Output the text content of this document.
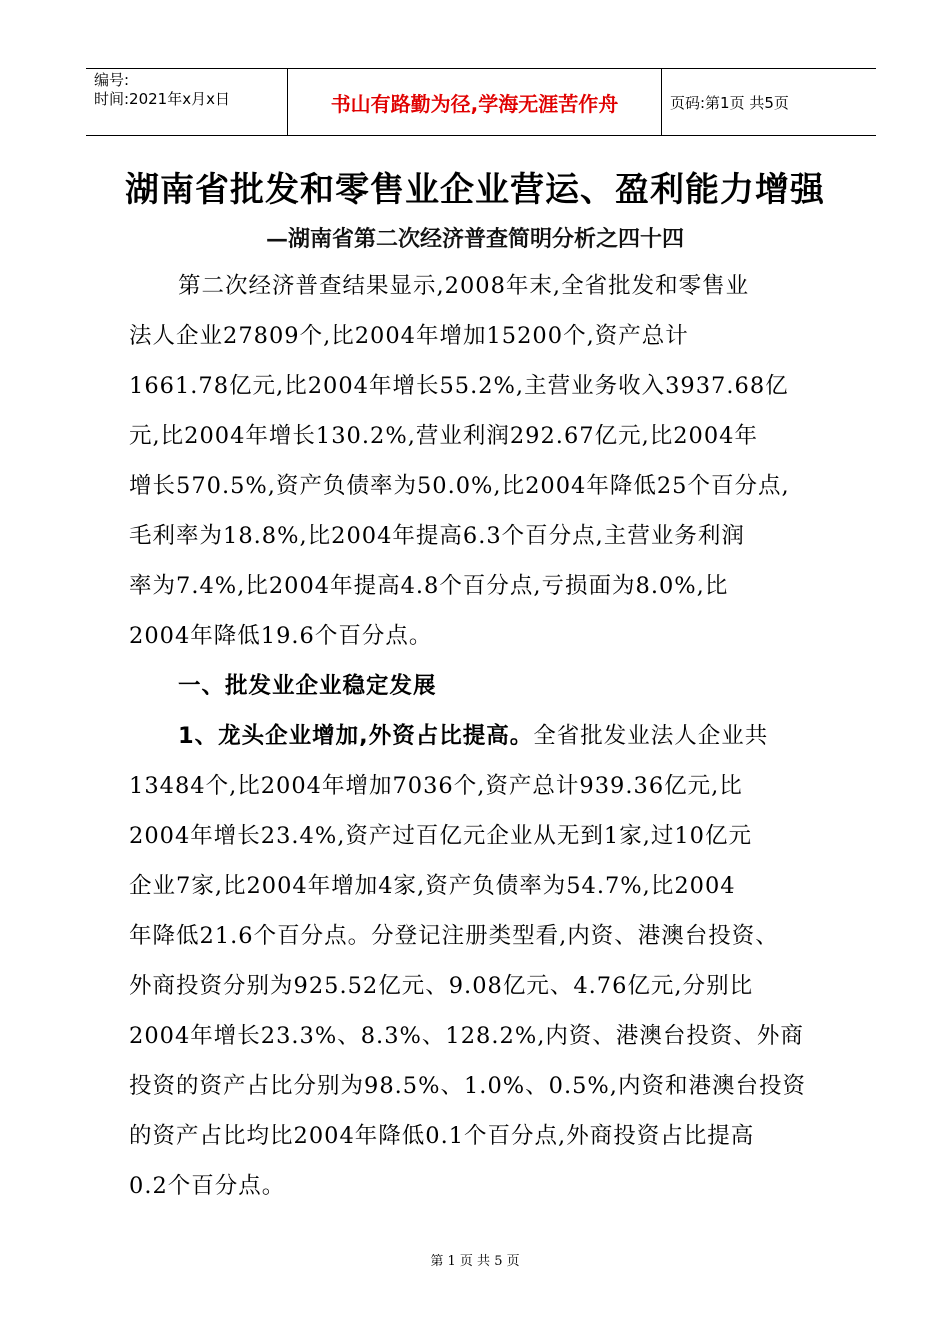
编号:
时间:2021年x月x日	书山有路勤为径,学海无涯苦作舟	页码:第1页 共5页
湖南省批发和零售业企业营运、盈利能力增强
—湖南省第二次经济普查简明分析之四十四
第二次经济普查结果显示,2008年末,全省批发和零售业
法人企业27809个,比2004年增加15200个,资产总计
1661.78亿元,比2004年增长55.2%,主营业务收入3937.68亿
元,比2004年增长130.2%,营业利润292.67亿元,比2004年
增长570.5%,资产负债率为50.0%,比2004年降低25个百分点,
毛利率为18.8%,比2004年提高6.3个百分点,主营业务利润
率为7.4%,比2004年提高4.8个百分点,亏损面为8.0%,比
2004年降低19.6个百分点。
一、批发业企业稳定发展
1、龙头企业增加,外资占比提高。全省批发业法人企业共
13484个,比2004年增加7036个,资产总计939.36亿元,比
2004年增长23.4%,资产过百亿元企业从无到1家,过10亿元
企业7家,比2004年增加4家,资产负债率为54.7%,比2004
年降低21.6个百分点。分登记注册类型看,内资、港澳台投资、
外商投资分别为925.52亿元、9.08亿元、4.76亿元,分别比
2004年增长23.3%、8.3%、128.2%,内资、港澳台投资、外商
投资的资产占比分别为98.5%、1.0%、0.5%,内资和港澳台投资
的资产占比均比2004年降低0.1个百分点,外商投资占比提高
0.2个百分点。
第 1 页 共 5 页
